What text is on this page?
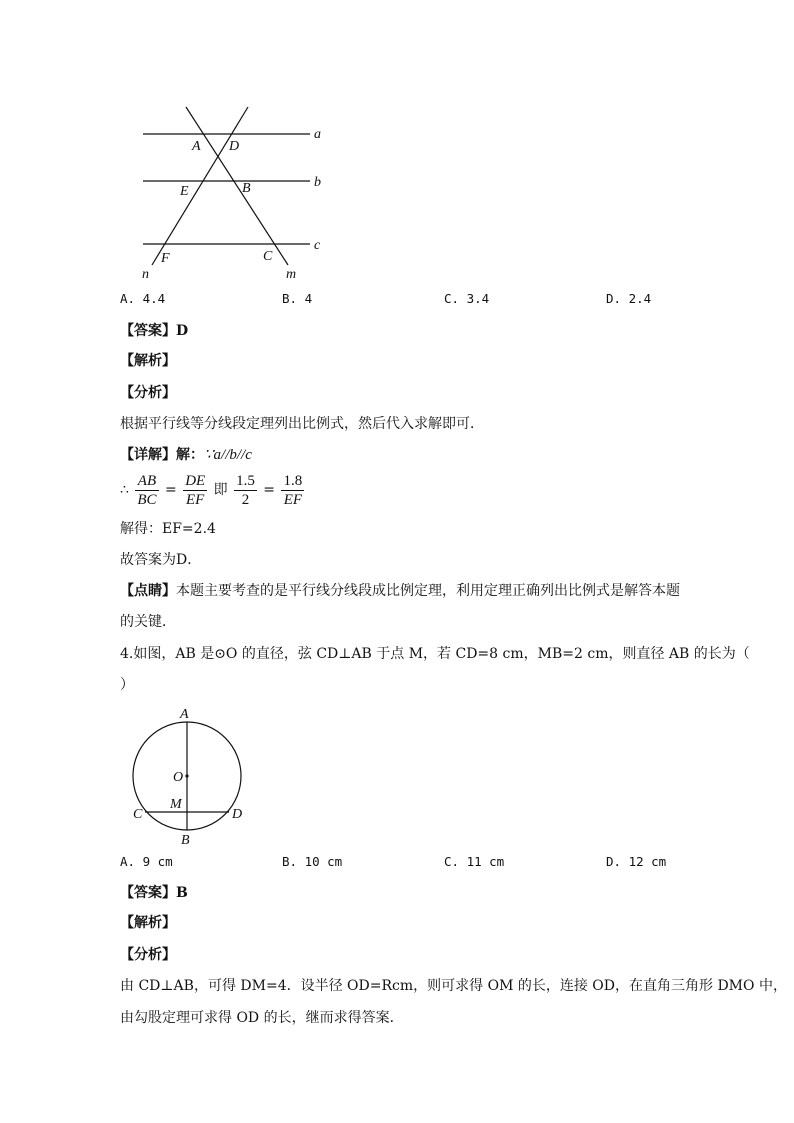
a
b
c
A D
E	B
F	C
n	m
A. 4.4	B. 4	C. 3.4	D. 2.4
【答案】D
【解析】
【分析】
根据平行线等分线段定理列出比例式，然后代入求解即可．
【详解】解：∵a//b//c
∴ $\frac{AB}{BC} = \frac{DE}{EF}$ 即 $\frac{1.5}{2} = \frac{1.8}{EF}$
解得：EF=2.4
故答案为D．
【点睛】本题主要考查的是平行线分线段成比例定理，利用定理正确列出比例式是解答本题
的关键．
4.如图，AB 是⊙O 的直径，弦 CD⊥AB 于点 M，若 CD=8 cm，MB=2 cm，则直径 AB 的长为（
）
A
O
M
C	D
B
A. 9 cm	B. 10 cm	C. 11 cm	D. 12 cm
【答案】B
【解析】
【分析】
由 CD⊥AB，可得 DM=4．设半径 OD=Rcm，则可求得 OM 的长，连接 OD，在直角三角形 DMO 中，
由勾股定理可求得 OD 的长，继而求得答案．
